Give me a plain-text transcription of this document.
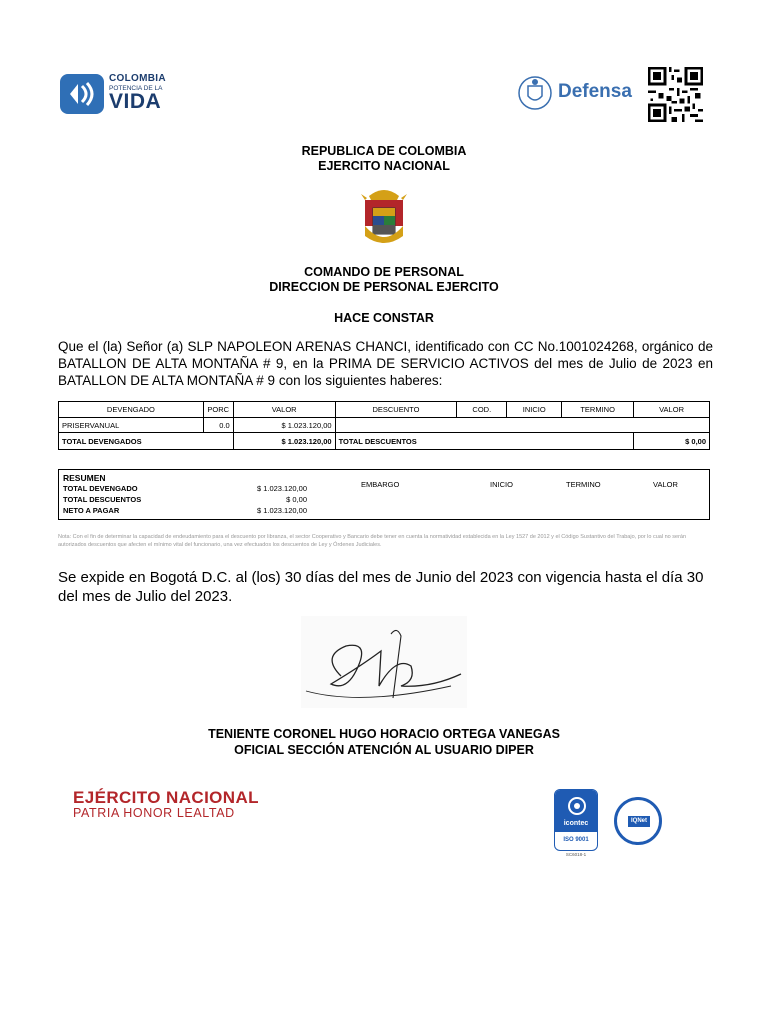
COLOMBIA
POTENCIA DE LA
VIDA	Defensa
REPUBLICA DE COLOMBIA
EJERCITO NACIONAL
COMANDO DE PERSONAL
DIRECCION DE PERSONAL EJERCITO
HACE CONSTAR
Que el (la) Señor (a) SLP NAPOLEON ARENAS CHANCI, identificado con CC No.1001024268, orgánico de BATALLON DE ALTA MONTAÑA # 9, en la PRIMA DE SERVICIO ACTIVOS del mes de Julio de 2023 en BATALLON DE ALTA MONTAÑA # 9 con los siguientes haberes:
DEVENGADO	PORC	VALOR	DESCUENTO	COD.	INICIO	TERMINO	VALOR
PRISERVANUAL	0.0	$ 1.023.120,00					
TOTAL DEVENGADOS		$ 1.023.120,00	TOTAL DESCUENTOS				$ 0,00
RESUMEN
TOTAL DEVENGADO	$ 1.023.120,00
TOTAL DESCUENTOS	$ 0,00
NETO A PAGAR	$ 1.023.120,00
EMBARGO	INICIO	TERMINO	VALOR
Nota: Con el fin de determinar la capacidad de endeudamiento para el descuento por libranza, el sector Cooperativo y Bancario debe tener en cuenta la normatividad establecida en la Ley 1527 de 2012 y el Código Sustantivo del Trabajo, por lo cual no serán autorizados descuentos que afecten el mínimo vital del funcionario, una vez efectuados los descuentos de Ley y Órdenes Judiciales.
Se expide en Bogotá D.C. al (los) 30 días del mes de Junio del 2023 con vigencia hasta el día 30 del mes de Julio del 2023.
TENIENTE CORONEL HUGO HORACIO ORTEGA VANEGAS
OFICIAL SECCIÓN ATENCIÓN AL USUARIO DIPER
EJÉRCITO NACIONAL
PATRIA HONOR LEALTAD
icontec
ISO 9001
SC6018-1
IQNet
